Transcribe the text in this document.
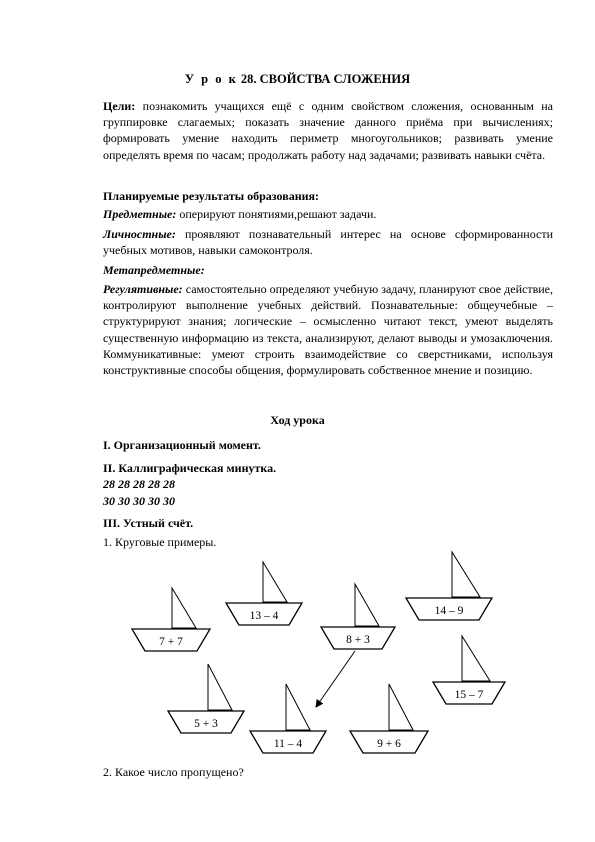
У р о к 28. СВОЙСТВА СЛОЖЕНИЯ
Цели: познакомить учащихся ещё с одним свойством сложения, основанным на группировке слагаемых; показать значение данного приёма при вычислениях; формировать умение находить периметр многоугольников; развивать умение определять время по часам; продолжать работу над задачами; развивать навыки счёта.
Планируемые результаты образования:
Предметные: оперируют понятиями,решают задачи.
Личностные: проявляют познавательный интерес на основе сформированности учебных мотивов, навыки самоконтроля.
Метапредметные:
Регулятивные: самостоятельно определяют учебную задачу, планируют свое действие, контролируют выполнение учебных действий. Познавательные: общеучебные – структурируют знания; логические – осмысленно читают текст, умеют выделять существенную информацию из текста, анализируют, делают выводы и умозаключения. Коммуникативные: умеют строить взаимодействие со сверстниками, используя конструктивные способы общения, формулировать собственное мнение и позицию.
Ход урока
I. Организационный момент.
II. Каллиграфическая минутка.
28 28 28 28 28
30 30 30 30 30
III. Устный счёт.
1. Круговые примеры.
7 + 7
13 – 4
8 + 3
14 – 9
15 – 7
5 + 3
11 – 4	9 + 6
2. Какое число пропущено?
